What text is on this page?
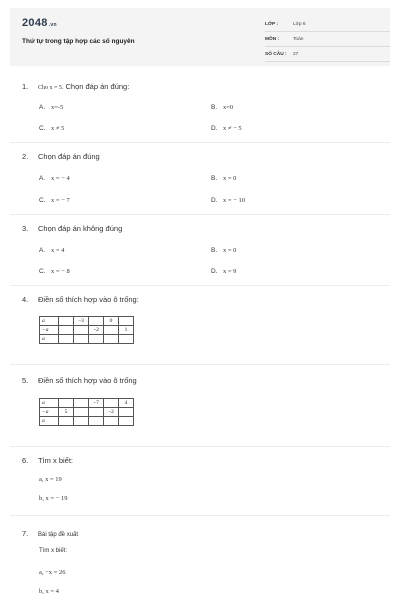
2048.vn
Thứ tự trong tập hợp các số nguyên
LỚP :	Lớp 6
MÔN :	Toán
SỐ CÂU : 27
1. Cho x = 5. Chọn đáp án đúng:
A. x=-5	B. x=0
C. x ≠ 5	D. x ≠ − 5
2. Chọn đáp án đúng
A. x = − 4	B. x = 0
C. x = − 7	D. x = − 10
3. Chọn đáp án không đúng
A. x = 4	B. x = 0
C. x = − 8	D. x = 9
4. Điền số thích hợp vào ô trống:
a		−3		0	
−a			−2		1
a					
5. Điền số thích hợp vào ô trống
a			−7		4
−a	5			−2	
a					
6. Tìm x biết:
a, x = 19
b, x = − 19
7. Bài tập đề xuất
Tìm x biết:
a, −x = 26
b, x = 4
